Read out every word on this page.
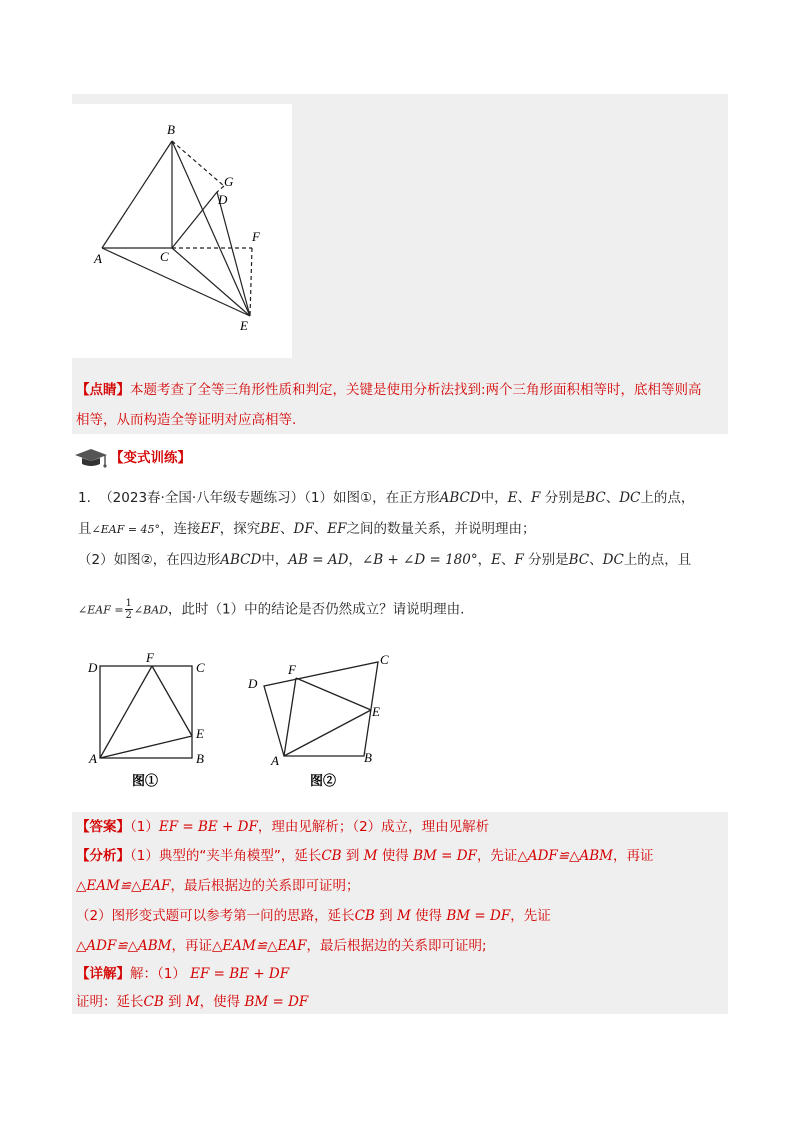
B
G
D
F
A	C
E
【点睛】本题考查了全等三角形性质和判定，关键是使用分析法找到:两个三角形面积相等时，底相等则高
相等，从而构造全等证明对应高相等.
【变式训练】
1. （2023春·全国·八年级专题练习）（1）如图①，在正方形ABCD中，E、F 分别是BC、DC上的点，
且∠EAF = 45°，连接EF，探究BE、DF、EF之间的数量关系，并说明理由；
（2）如图②，在四边形ABCD中，AB = AD，∠B + ∠D = 180°，E、F 分别是BC、DC上的点，且
∠EAF = $\frac{1}{2}$ ∠BAD，此时（1）中的结论是否仍然成立？请说明理由.
D
F
C
E
A	B
图①
D
F
C
E
A	B
图②
【答案】（1）EF = BE + DF，理由见解析；（2）成立，理由见解析
【分析】（1）典型的“夹半角模型”，延长CB 到 M 使得 BM = DF，先证△ADF≌△ABM，再证
△EAM≌△EAF，最后根据边的关系即可证明；
（2）图形变式题可以参考第一问的思路，延长CB 到 M 使得 BM = DF，先证
△ADF≌△ABM，再证△EAM≌△EAF，最后根据边的关系即可证明;
【详解】解：（1） EF = BE + DF
证明：延长CB 到 M，使得 BM = DF
